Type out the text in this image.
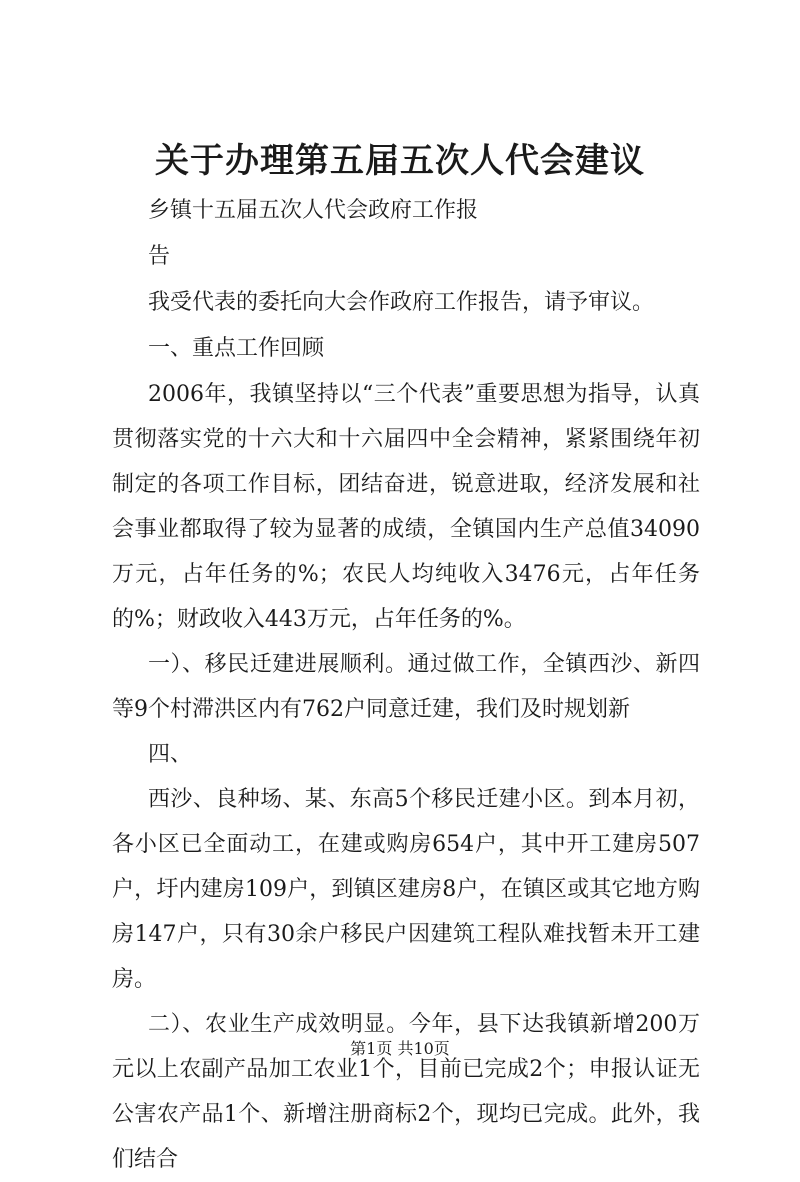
关于办理第五届五次人代会建议

乡镇十五届五次人代会政府工作报

告

我受代表的委托向大会作政府工作报告，请予审议。

一、重点工作回顾

2006年，我镇坚持以“三个代表”重要思想为指导，认真贯彻落实党的十六大和十六届四中全会精神，紧紧围绕年初制定的各项工作目标，团结奋进，锐意进取，经济发展和社会事业都取得了较为显著的成绩，全镇国内生产总值34090万元，占年任务的%；农民人均纯收入3476元，占年任务的%；财政收入443万元，占年任务的%。

一）、移民迁建进展顺利。通过做工作，全镇西沙、新四等9个村滞洪区内有762户同意迁建，我们及时规划新

四、

西沙、良种场、某、东高5个移民迁建小区。到本月初，各小区已全面动工，在建或购房654户，其中开工建房507户，圩内建房109户，到镇区建房8户，在镇区或其它地方购房147户，只有30余户移民户因建筑工程队难找暂未开工建房。

二）、农业生产成效明显。今年，县下达我镇新增200万元以上农副产品加工农业1个，目前已完成2个；申报认证无公害农产品1个、新增注册商标2个，现均已完成。此外，我们结合

第1页 共10页
